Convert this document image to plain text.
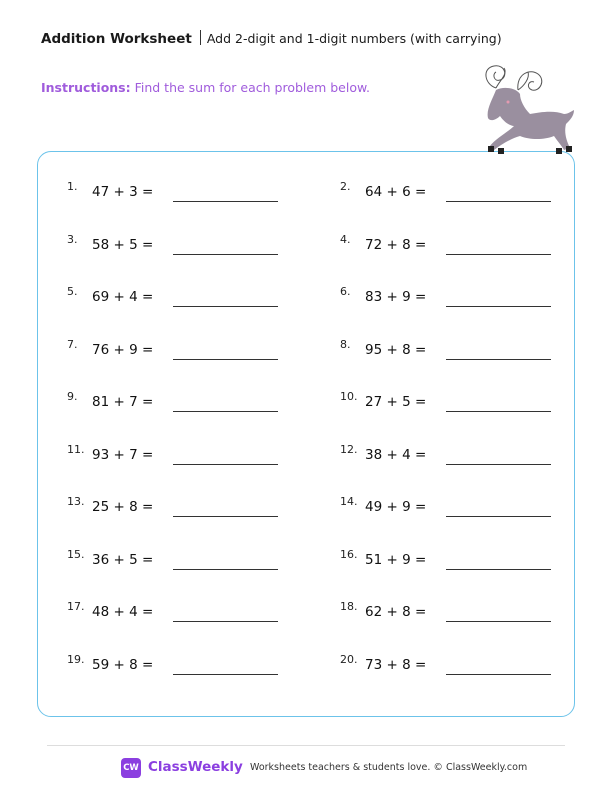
Addition Worksheet Add 2-digit and 1-digit numbers (with carrying)
Instructions: Find the sum for each problem below.
1. 47 + 3 =	2. 64 + 6 =
3. 58 + 5 =	4. 72 + 8 =
5. 69 + 4 =	6. 83 + 9 =
7. 76 + 9 =	8. 95 + 8 =
9. 81 + 7 =	10. 27 + 5 =
11. 93 + 7 =	12. 38 + 4 =
13. 25 + 8 =	14. 49 + 9 =
15. 36 + 5 =	16. 51 + 9 =
17. 48 + 4 =	18. 62 + 8 =
19. 59 + 8 =	20. 73 + 8 =
CW ClassWeekly Worksheets teachers & students love. © ClassWeekly.com
